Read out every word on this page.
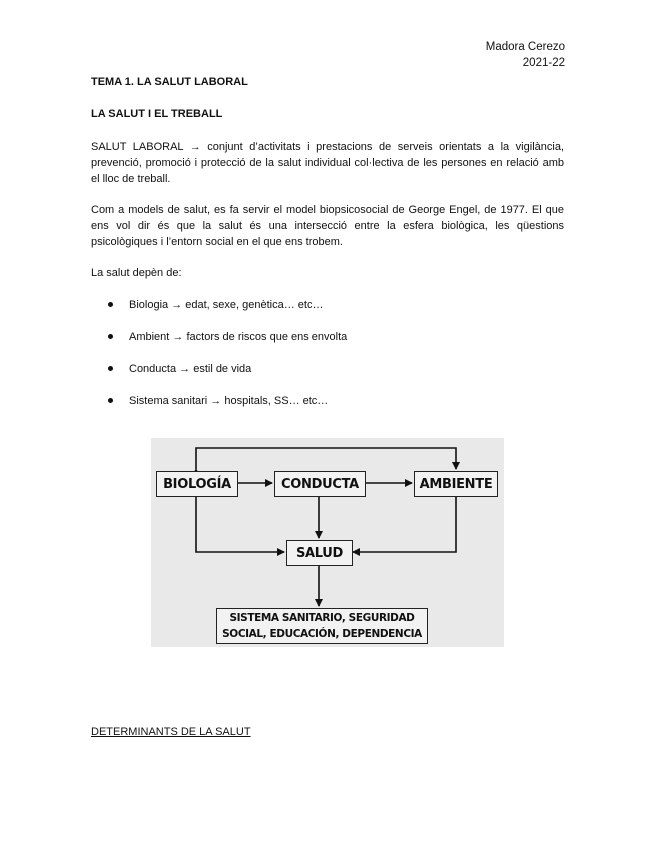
Madora Cerezo
2021-22
TEMA 1. LA SALUT LABORAL
LA SALUT I EL TREBALL
SALUT LABORAL → conjunt d’activitats i prestacions de serveis orientats a la vigilància, prevenció, promoció i protecció de la salut individual col·lectiva de les persones en relació amb el lloc de treball.
Com a models de salut, es fa servir el model biopsicosocial de George Engel, de 1977. El que ens vol dir és que la salut és una intersecció entre la esfera biològica, les qüestions psicològiques i l’entorn social en el que ens trobem.
La salut depèn de:
Biologia → edat, sexe, genètica… etc…
Ambient → factors de riscos que ens envolta
Conducta → estil de vida
Sistema sanitari → hospitals, SS… etc…
BIOLOGÍA	CONDUCTA	AMBIENTE
SALUD
SISTEMA SANITARIO, SEGURIDAD
SOCIAL, EDUCACIÓN, DEPENDENCIA
DETERMINANTS DE LA SALUT
